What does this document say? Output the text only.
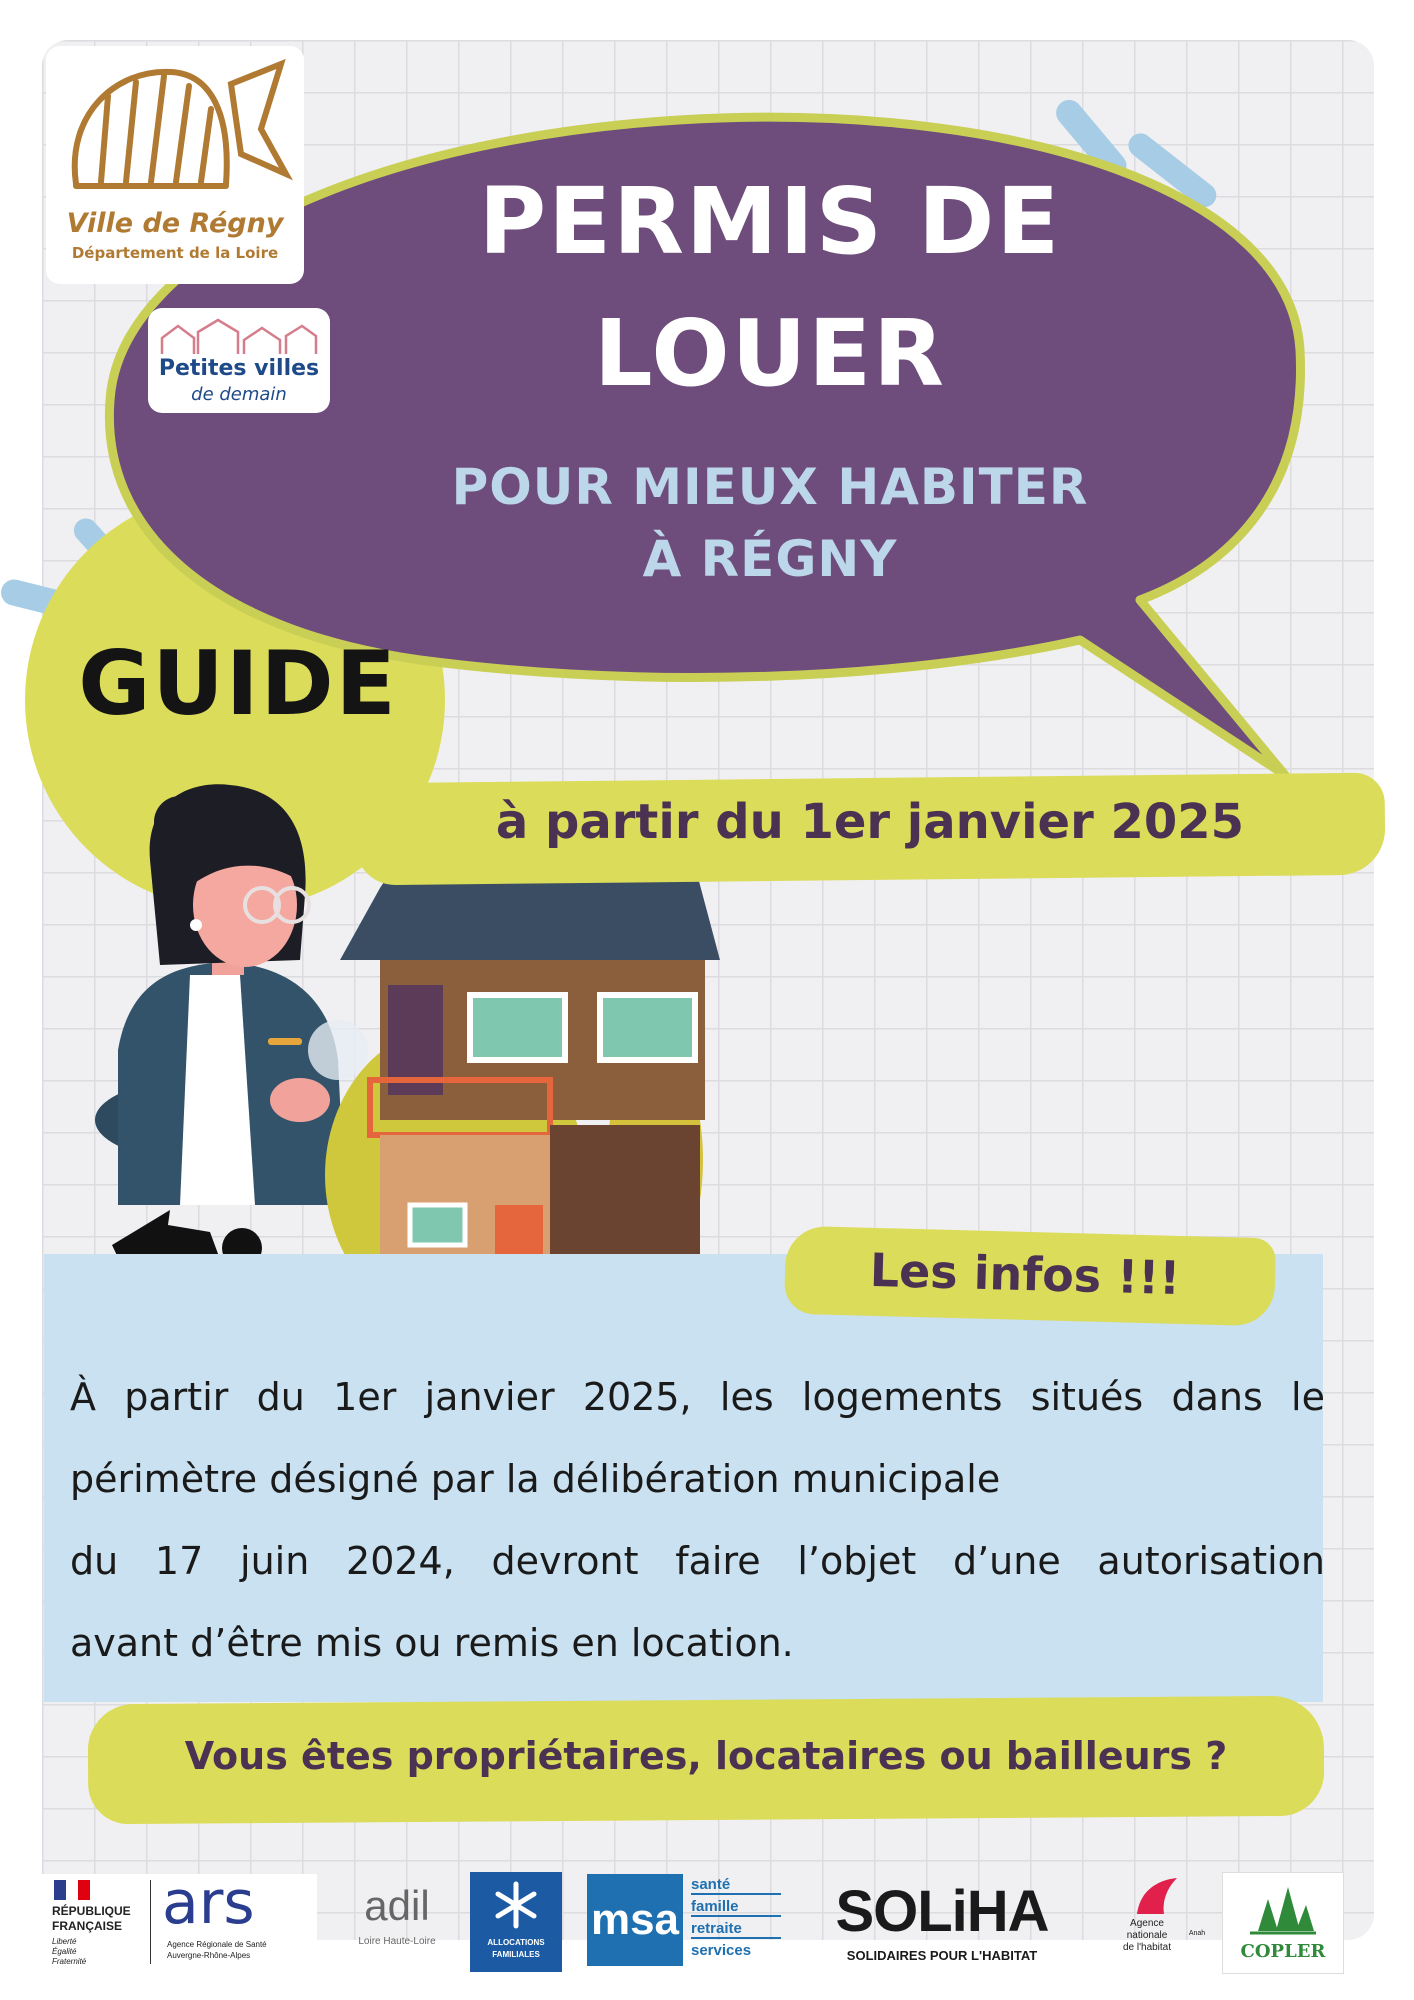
Ville de Régny
Département de la Loire
Petites villes
de demain
PERMIS DE
LOUER
POUR MIEUX HABITER
À RÉGNY
GUIDE
à partir du 1er janvier 2025
Les infos !!!
À partir du 1er janvier 2025, les logements situés dans le
périmètre désigné par la délibération municipale
du 17 juin 2024, devront faire l’objet d’une autorisation
avant d’être mis ou remis en location.
Vous êtes propriétaires, locataires ou bailleurs ?
RÉPUBLIQUE
FRANÇAISE
Liberté
Égalité
Fraternité
ars
Agence Régionale de Santé
Auvergne-Rhône-Alpes
adil
Loire Haute-Loire	ALLOCATIONS
FAMILIALES
msa
santé
famille
retraite
services
SOLiHA
SOLIDAIRES POUR L'HABITAT
Agence
nationale
de l'habitat
Anah
COPLER
